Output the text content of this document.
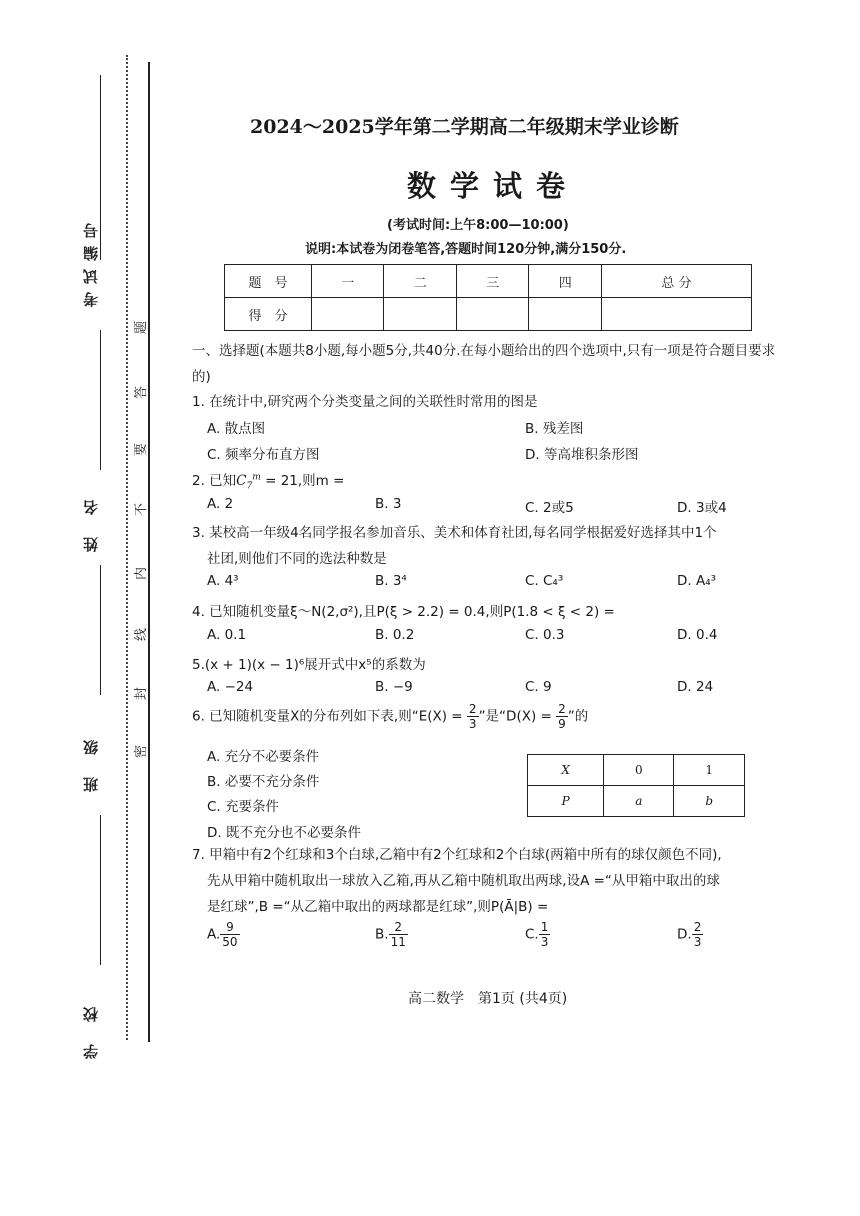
考试编号
姓名
班级
学校
题
答
要
不
内
线
封
密
2024～2025学年第二学期高二年级期末学业诊断
数学试卷
(考试时间:上午8:00—10:00)
说明:本试卷为闭卷笔答,答题时间120分钟,满分150分.
题　号	一	二	三	四	总 分
得　分					
一、选择题(本题共8小题,每小题5分,共40分.在每小题给出的四个选项中,只有一项是符合题目要求的)
1. 在统计中,研究两个分类变量之间的关联性时常用的图是
A. 散点图	B. 残差图
C. 频率分布直方图	D. 等高堆积条形图
2. 已知$C_7^m = 21$,则m =
A. 2	B. 3	C. 2或5	D. 3或4
3. 某校高一年级4名同学报名参加音乐、美术和体育社团,每名同学根据爱好选择其中1个
社团,则他们不同的选法种数是
A. 4³	B. 3⁴	C. C₄³	D. A₄³
4. 已知随机变量ξ～N(2,σ²),且P(ξ > 2.2) = 0.4,则P(1.8 < ξ < 2) =
A. 0.1	B. 0.2	C. 0.3	D. 0.4
5.(x + 1)(x − 1)⁶展开式中x⁵的系数为
A. −24	B. −9	C. 9	D. 24
6. 已知随机变量X的分布列如下表,则“$E(X) = \frac{2}{3}$ ”是“$D(X) = \frac{2}{9}$ ”的
A. 充分不必要条件
B. 必要不充分条件
C. 充要条件
D. 既不充分也不必要条件
X	0	1
P	a	b
7. 甲箱中有2个红球和3个白球,乙箱中有2个红球和2个白球(两箱中所有的球仅颜色不同),
先从甲箱中随机取出一球放入乙箱,再从乙箱中随机取出两球,设A =“从甲箱中取出的球
是红球”,B =“从乙箱中取出的两球都是红球”,则P(Ā|B) =
A. $\frac{9}{50}$	B. $\frac{2}{11}$	C. $\frac{1}{3}$	D. $\frac{2}{3}$
高二数学　第1页 (共4页)
